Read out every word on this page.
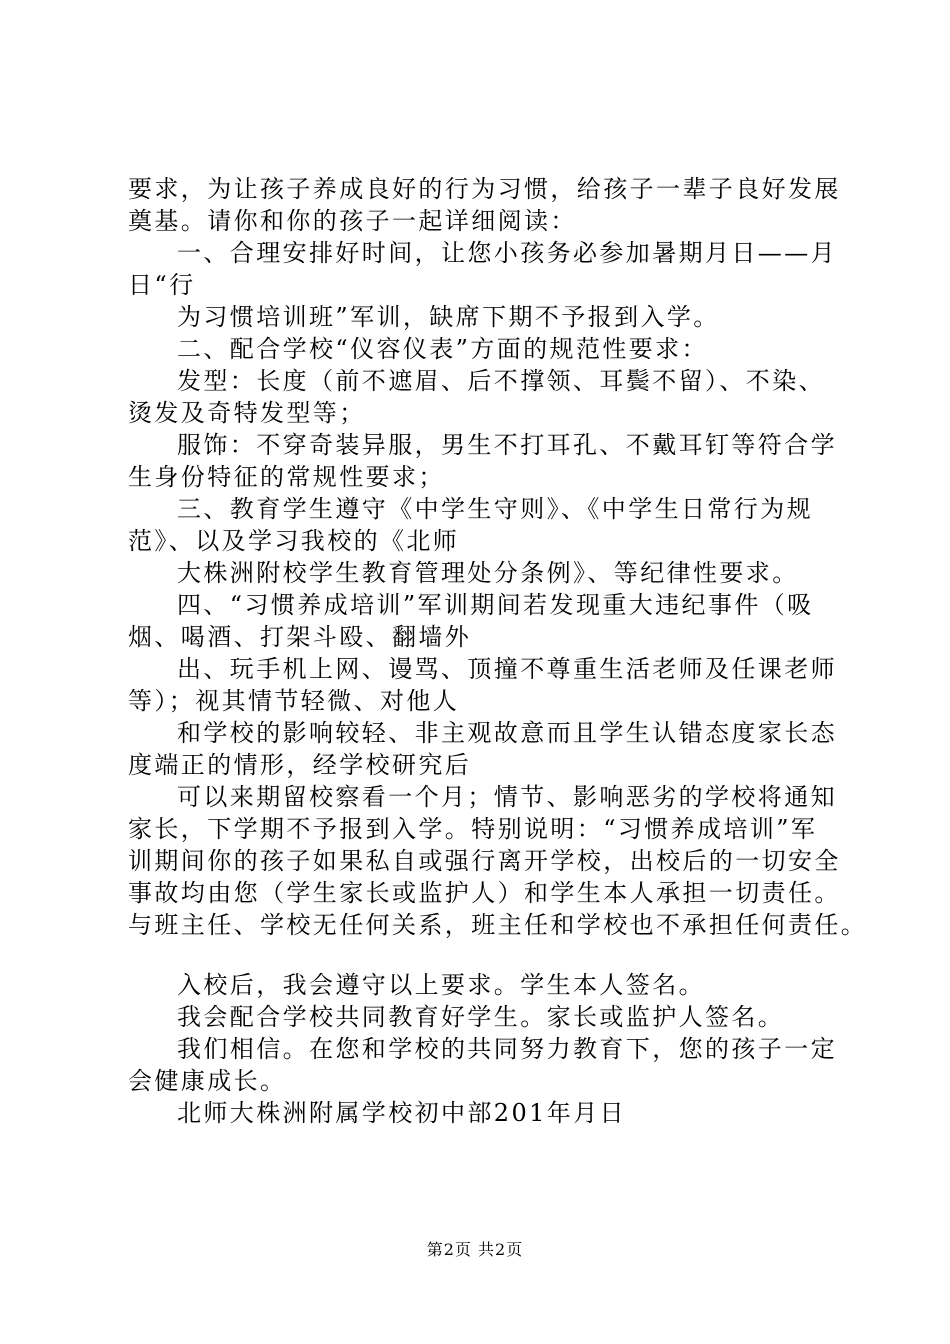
要求，为让孩子养成良好的行为习惯，给孩子一辈子良好发展
奠基。请你和你的孩子一起详细阅读：
一、合理安排好时间，让您小孩务必参加暑期月日——月
日“行
为习惯培训班”军训，缺席下期不予报到入学。
二、配合学校“仪容仪表”方面的规范性要求：
发型：长度（前不遮眉、后不撑领、耳鬓不留）、不染、
烫发及奇特发型等；
服饰：不穿奇装异服，男生不打耳孔、不戴耳钉等符合学
生身份特征的常规性要求；
三、教育学生遵守《中学生守则》、《中学生日常行为规
范》、以及学习我校的《北师
大株洲附校学生教育管理处分条例》、等纪律性要求。
四、“习惯养成培训”军训期间若发现重大违纪事件（吸
烟、喝酒、打架斗殴、翻墙外
出、玩手机上网、谩骂、顶撞不尊重生活老师及任课老师
等）；视其情节轻微、对他人
和学校的影响较轻、非主观故意而且学生认错态度家长态
度端正的情形，经学校研究后
可以来期留校察看一个月；情节、影响恶劣的学校将通知
家长，下学期不予报到入学。特别说明：“习惯养成培训”军
训期间你的孩子如果私自或强行离开学校，出校后的一切安全
事故均由您（学生家长或监护人）和学生本人承担一切责任。
与班主任、学校无任何关系，班主任和学校也不承担任何责任。
入校后，我会遵守以上要求。学生本人签名。
我会配合学校共同教育好学生。家长或监护人签名。
我们相信。在您和学校的共同努力教育下，您的孩子一定
会健康成长。
北师大株洲附属学校初中部201年月日
第2页 共2页
